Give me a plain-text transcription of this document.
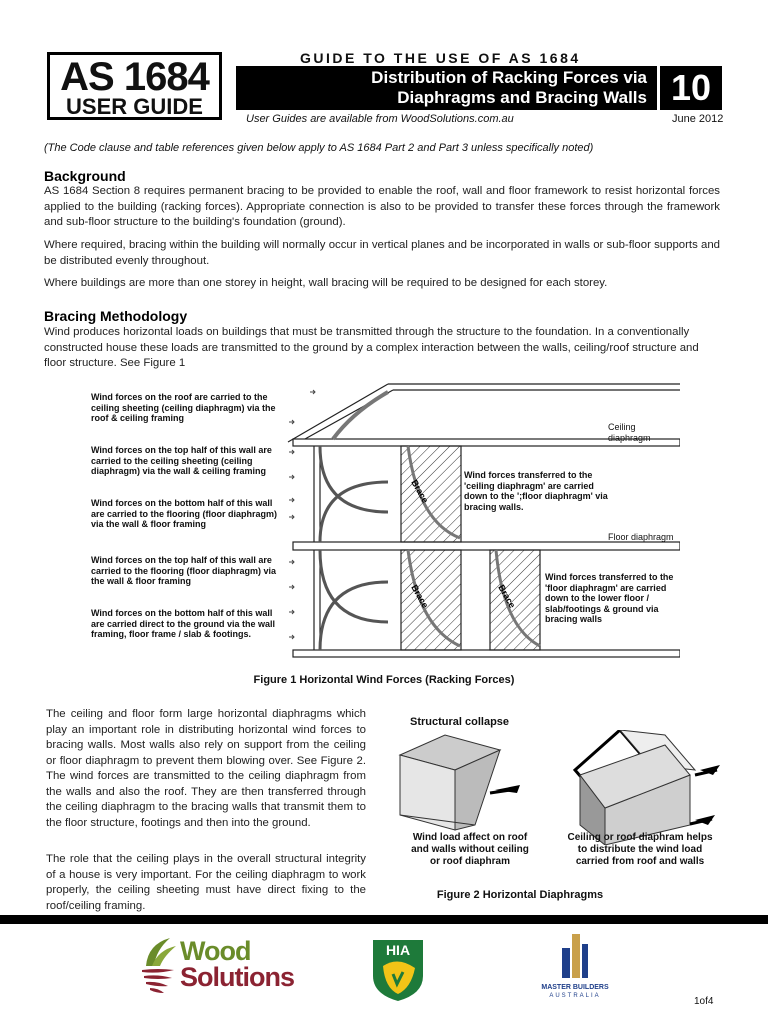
AS 1684
USER GUIDE
GUIDE TO THE USE OF AS 1684
Distribution of Racking Forces via
Diaphragms and Bracing Walls 10
User Guides are available from WoodSolutions.com.au	June 2012
(The Code clause and table references given below apply to AS 1684 Part 2 and Part 3 unless specifically noted)
Background
AS 1684 Section 8 requires permanent bracing to be provided to enable the roof, wall and floor framework to resist horizontal forces applied to the building (racking forces). Appropriate connection is also to be provided to transfer these forces through the framework and sub-floor structure to the building's foundation (ground).
Where required, bracing within the building will normally occur in vertical planes and be incorporated in walls or sub-floor supports and be distributed evenly throughout.
Where buildings are more than one storey in height, wall bracing will be required to be designed for each storey.
Bracing Methodology
Wind produces horizontal loads on buildings that must be transmitted through the structure to the foundation. In a conventionally constructed house these loads are transmitted to the ground by a complex interaction between the walls, ceiling/roof structure and floor structure. See Figure 1
Brace
Brace	Brace
Wind forces on the roof are carried to the ceiling sheeting (ceiling diaphragm) via the roof & ceiling framing
Wind forces on the top half of this wall are carried to the ceiling sheeting (ceiling diaphragm) via the wall & ceiling framing
Wind forces on the bottom half of this wall are carried to the flooring (floor diaphragm) via the wall & floor framing
Wind forces on the top half of this wall are carried to the flooring (floor diaphragm) via the wall & floor framing
Wind forces on the bottom half of this wall are carried direct to the ground via the wall framing, floor frame / slab & footings.
Ceiling diaphragm
Floor diaphragm
Wind forces transferred to the 'ceiling diaphragm' are carried down to the ';floor diaphragm' via bracing walls.
Wind forces transferred to the 'floor diaphragm' are carried down to the lower floor / slab/footings & ground via bracing walls
Figure 1 Horizontal Wind Forces (Racking Forces)
The ceiling and floor form large horizontal diaphragms which play an important role in distributing horizontal wind forces to bracing walls. Most walls also rely on support from the ceiling or floor diaphragm to prevent them blowing over. See Figure 2. The wind forces are transmitted to the ceiling diaphragm from the walls and also the roof. They are then transferred through the ceiling diaphragm to the bracing walls that transmit them to the floor structure, footings and then into the ground.
The role that the ceiling plays in the overall structural integrity of a house is very important. For the ceiling diaphragm to work properly, the ceiling sheeting must have direct fixing to the roof/ceiling framing.
Structural collapse
Wind load affect on roof and walls without ceiling or roof diaphram
Ceiling or roof diaphram helps to distribute the wind load carried from roof and walls
Figure 2 Horizontal Diaphragms
Wood
Solutions
HIA
MASTER BUILDERS
AUSTRALIA	1of4
